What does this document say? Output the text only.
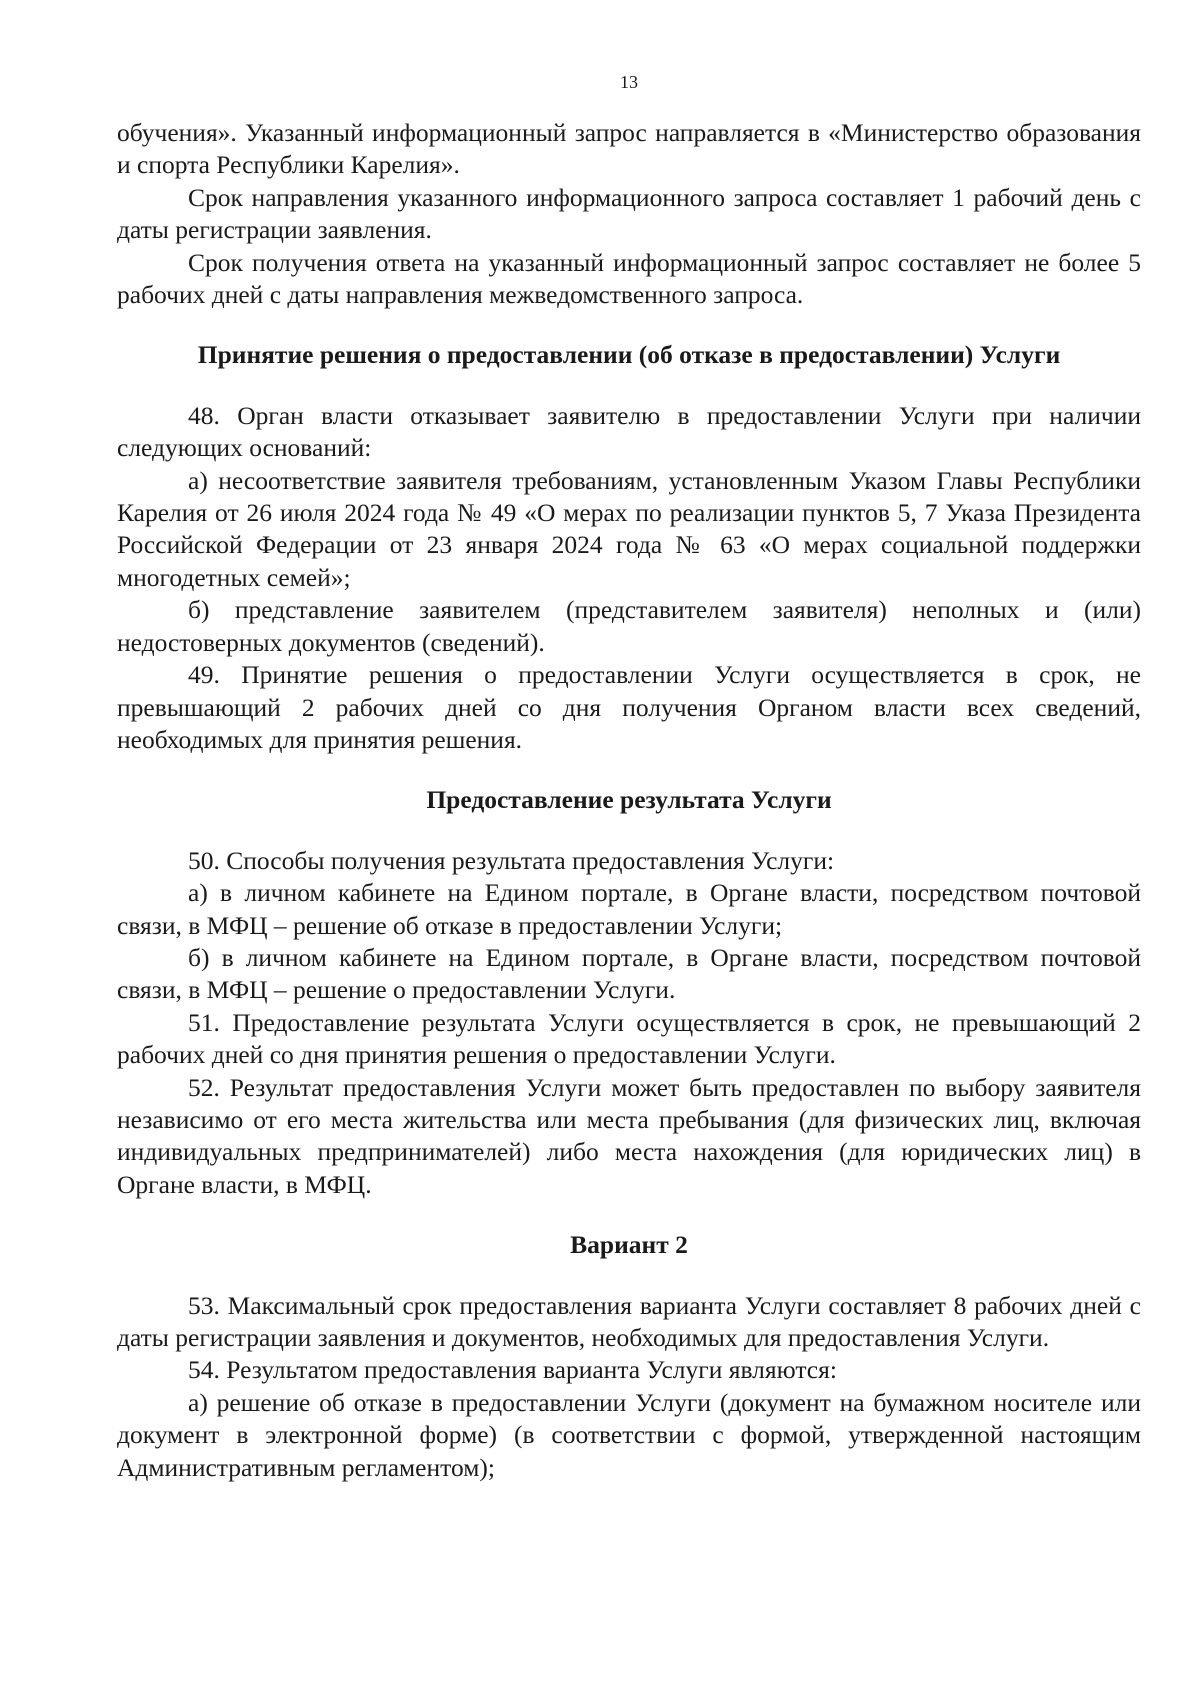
13

обучения». Указанный информационный запрос направляется в «Министерство образования и спорта Республики Карелия».

Срок направления указанного информационного запроса составляет 1 рабочий день с даты регистрации заявления.

Срок получения ответа на указанный информационный запрос составляет не более 5 рабочих дней с даты направления межведомственного запроса.

Принятие решения о предоставлении (об отказе в предоставлении) Услуги

48. Орган власти отказывает заявителю в предоставлении Услуги при наличии следующих оснований:

а) несоответствие заявителя требованиям, установленным Указом Главы Республики Карелия от 26 июля 2024 года № 49 «О мерах по реализации пунктов 5, 7 Указа Президента Российской Федерации от 23 января 2024 года № 63 «О мерах социальной поддержки многодетных семей»;

б) представление заявителем (представителем заявителя) неполных и (или) недостоверных документов (сведений).

49. Принятие решения о предоставлении Услуги осуществляется в срок, не превышающий 2 рабочих дней со дня получения Органом власти всех сведений, необходимых для принятия решения.

Предоставление результата Услуги

50. Способы получения результата предоставления Услуги:

а) в личном кабинете на Едином портале, в Органе власти, посредством почтовой связи, в МФЦ – решение об отказе в предоставлении Услуги;

б) в личном кабинете на Едином портале, в Органе власти, посредством почтовой связи, в МФЦ – решение о предоставлении Услуги.

51. Предоставление результата Услуги осуществляется в срок, не превышающий 2 рабочих дней со дня принятия решения о предоставлении Услуги.

52. Результат предоставления Услуги может быть предоставлен по выбору заявителя независимо от его места жительства или места пребывания (для физических лиц, включая индивидуальных предпринимателей) либо места нахождения (для юридических лиц) в Органе власти, в МФЦ.

Вариант 2

53. Максимальный срок предоставления варианта Услуги составляет 8 рабочих дней с даты регистрации заявления и документов, необходимых для предоставления Услуги.

54. Результатом предоставления варианта Услуги являются:

а) решение об отказе в предоставлении Услуги (документ на бумажном носителе или документ в электронной форме) (в соответствии с формой, утвержденной настоящим Административным регламентом);
